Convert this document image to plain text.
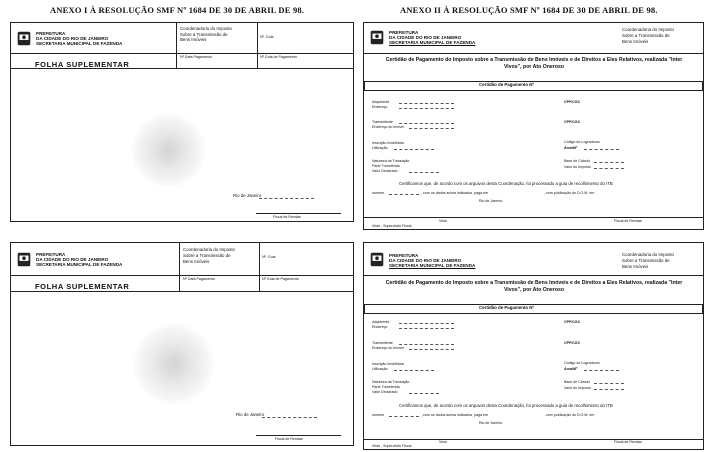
ANEXO I À RESOLUÇÃO SMF Nº 1684 DE 30 DE ABRIL DE 98.	ANEXO II À RESOLUÇÃO SMF Nº 1684 DE 30 DE ABRIL DE 98.
PREFEITURA
DA CIDADE DO RIO DE JANEIRO
SECRETARIA MUNICIPAL DE FAZENDA
Coordenadoria do Imposto
Sobre a Transmissão de
Bens Imóveis	Nº. Guia
Nº Data Pagamento	Nº Guia de Pagamento
FOLHA SUPLEMENTAR
Rio de Janeiro
Fiscal de Rendas
PREFEITURA
DA CIDADE DO RIO DE JANEIRO
SECRETARIA MUNICIPAL DE FAZENDA
Coordenadoria do Imposto
Sobre a Transmissão de
Bens Imóveis
Nº. Guia
Nº Data Pagamento	Nº Guia de Pagamento
FOLHA SUPLEMENTAR
Rio de Janeiro
Fiscal de Rendas
PREFEITURA
DA CIDADE DO RIO DE JANEIRO
SECRETARIA MUNICIPAL DE FAZENDA
Coordenadoria do Imposto
Sobre a Transmissão de
Bens Imóveis
Certidão de Pagamento do Imposto sobre a Transmissão de Bens Imóveis e de Direitos a Eles Relativos, realizada "Inter Vivos", por Ato Oneroso
Certidão de Pagamento Nº
Adquirente
Endereço
CPF/CGC
Transmitente
Endereço do Imóvel
CPF/CGC
Inscrição Imobiliária
Utilização
Código do Logradouro
Área/Mº
Natureza da Transação
Parte Transferida
Valor Declarado
Base de Cálculo
Valor do Imposto
Certificamos que, de acordo com os arquivos desta Coordenação, foi processado a guia de recolhimento do ITB
número	, com os dados acima indicados, paga em	, com publicação do D.O.M. em
Rio de Janeiro,
Visto	Fiscal de Rendas
Visto - Supervisão Fiscal
PREFEITURA
DA CIDADE DO RIO DE JANEIRO
SECRETARIA MUNICIPAL DE FAZENDA
Coordenadoria do Imposto
Sobre a Transmissão de
Bens Imóveis
Certidão de Pagamento do Imposto sobre a Transmissão de Bens Imóveis e de Direitos a Eles Relativos, realizada "Inter Vivos", por Ato Oneroso
Certidão de Pagamento Nº
Adquirente
Endereço
CPF/CGC
Transmitente
Endereço do Imóvel
CPF/CGC
Inscrição Imobiliária
Utilização
Código do Logradouro
Área/Mº
Natureza da Transação
Parte Transferida
Valor Declarado
Base de Cálculo
Valor do Imposto
Certificamos que, de acordo com os arquivos desta Coordenação, foi processado a guia de recolhimento do ITB
número	, com os dados acima indicados, paga em	, com publicação do D.O.M. em
Rio de Janeiro,
Visto	Fiscal de Rendas
Visto - Supervisão Fiscal
